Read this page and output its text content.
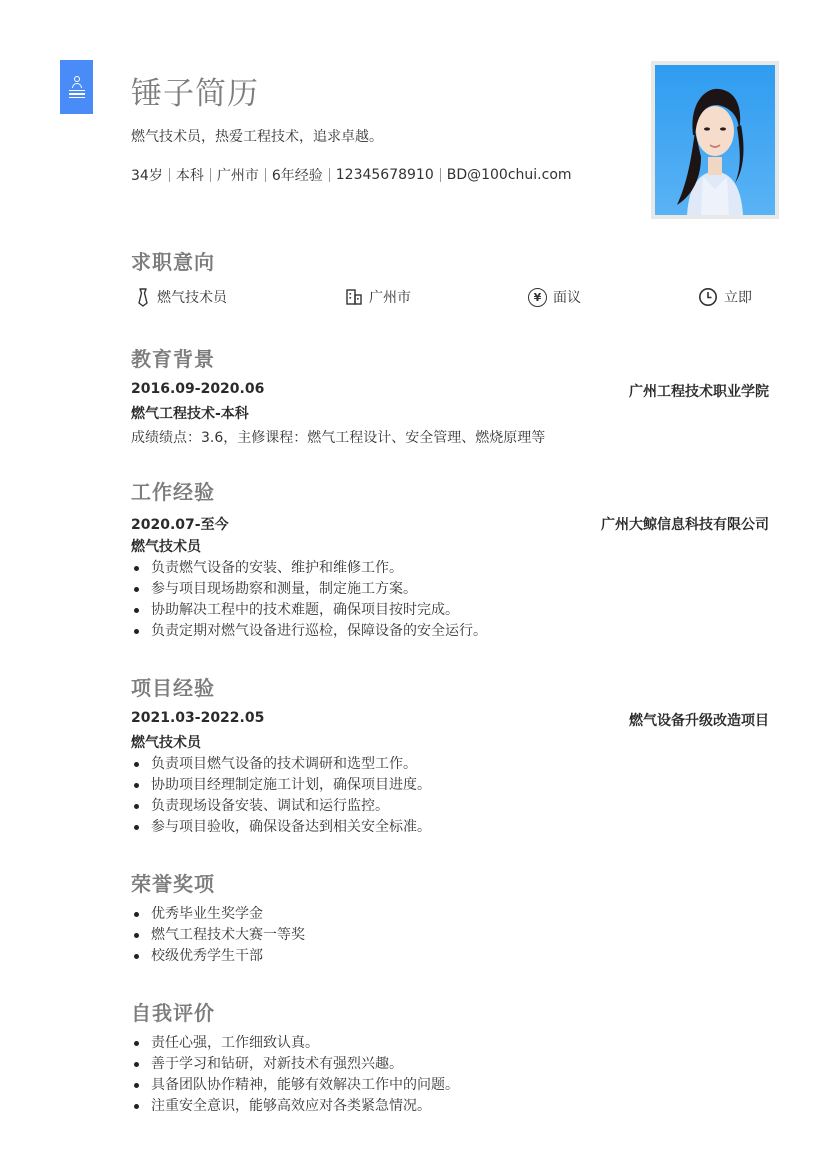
锤子简历
燃气技术员，热爱工程技术，追求卓越。
34岁 本科 广州市 6年经验 12345678910 BD@100chui.com
求职意向
燃气技术员	广州市	¥ 面议	立即
教育背景
2016.09-2020.06	广州工程技术职业学院
燃气工程技术-本科
成绩绩点：3.6，主修课程：燃气工程设计、安全管理、燃烧原理等
工作经验
2020.07-至今	广州大鲸信息科技有限公司
燃气技术员
负责燃气设备的安装、维护和维修工作。
参与项目现场勘察和测量，制定施工方案。
协助解决工程中的技术难题，确保项目按时完成。
负责定期对燃气设备进行巡检，保障设备的安全运行。
项目经验
2021.03-2022.05	燃气设备升级改造项目
燃气技术员
负责项目燃气设备的技术调研和选型工作。
协助项目经理制定施工计划，确保项目进度。
负责现场设备安装、调试和运行监控。
参与项目验收，确保设备达到相关安全标准。
荣誉奖项
优秀毕业生奖学金
燃气工程技术大赛一等奖
校级优秀学生干部
自我评价
责任心强，工作细致认真。
善于学习和钻研，对新技术有强烈兴趣。
具备团队协作精神，能够有效解决工作中的问题。
注重安全意识，能够高效应对各类紧急情况。
